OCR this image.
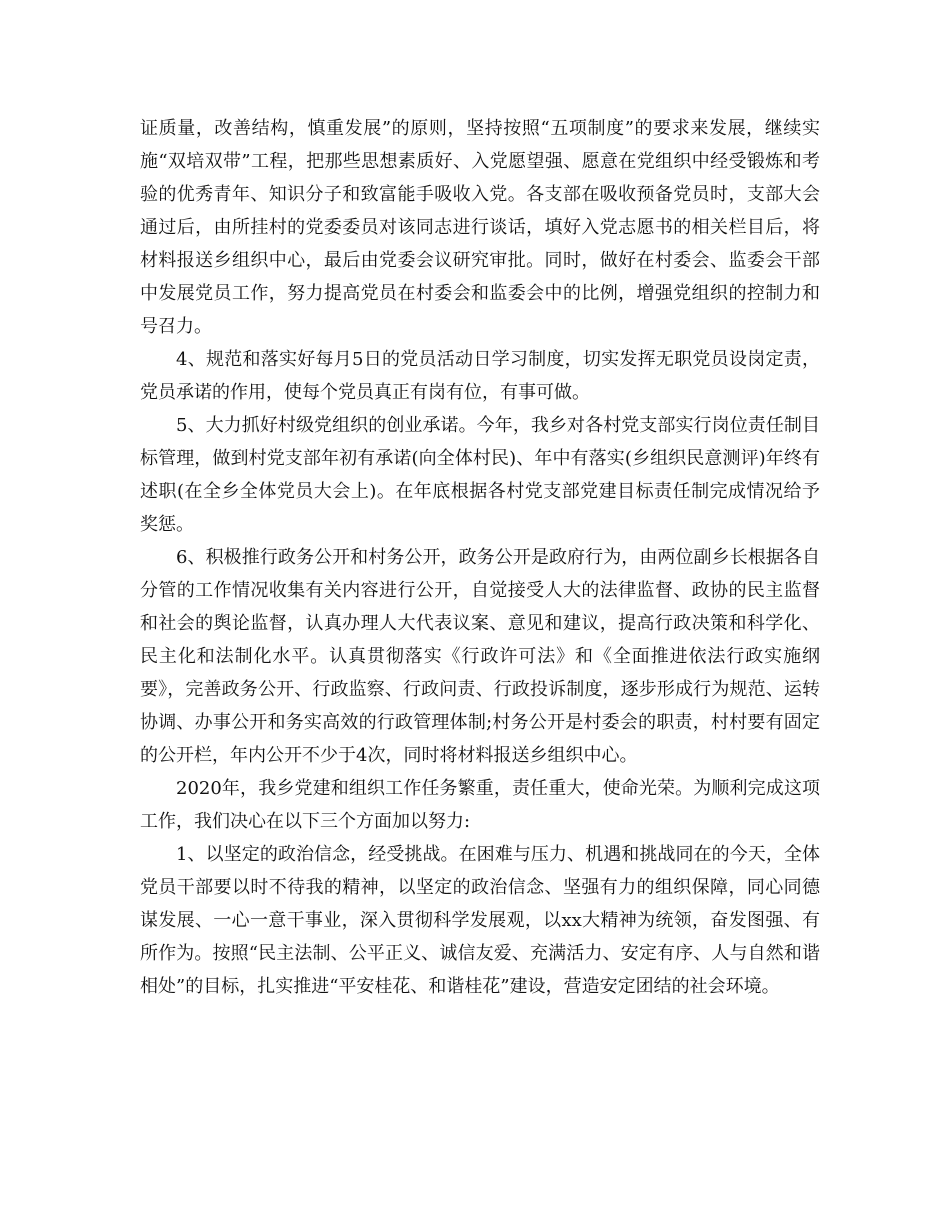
证质量，改善结构，慎重发展”的原则，坚持按照“五项制度”的要求来发展，继续实施“双培双带”工程，把那些思想素质好、入党愿望强、愿意在党组织中经受锻炼和考验的优秀青年、知识分子和致富能手吸收入党。各支部在吸收预备党员时，支部大会通过后，由所挂村的党委委员对该同志进行谈话，填好入党志愿书的相关栏目后，将材料报送乡组织中心，最后由党委会议研究审批。同时，做好在村委会、监委会干部中发展党员工作，努力提高党员在村委会和监委会中的比例，增强党组织的控制力和号召力。

4、规范和落实好每月5日的党员活动日学习制度，切实发挥无职党员设岗定责，党员承诺的作用，使每个党员真正有岗有位，有事可做。

5、大力抓好村级党组织的创业承诺。今年，我乡对各村党支部实行岗位责任制目标管理，做到村党支部年初有承诺(向全体村民)、年中有落实(乡组织民意测评)年终有述职(在全乡全体党员大会上)。在年底根据各村党支部党建目标责任制完成情况给予奖惩。

6、积极推行政务公开和村务公开，政务公开是政府行为，由两位副乡长根据各自分管的工作情况收集有关内容进行公开，自觉接受人大的法律监督、政协的民主监督和社会的舆论监督，认真办理人大代表议案、意见和建议，提高行政决策和科学化、民主化和法制化水平。认真贯彻落实《行政许可法》和《全面推进依法行政实施纲要》，完善政务公开、行政监察、行政问责、行政投诉制度，逐步形成行为规范、运转协调、办事公开和务实高效的行政管理体制;村务公开是村委会的职责，村村要有固定的公开栏，年内公开不少于4次，同时将材料报送乡组织中心。

2020年，我乡党建和组织工作任务繁重，责任重大，使命光荣。为顺利完成这项工作，我们决心在以下三个方面加以努力:

1、以坚定的政治信念，经受挑战。在困难与压力、机遇和挑战同在的今天，全体党员干部要以时不待我的精神，以坚定的政治信念、坚强有力的组织保障，同心同德谋发展、一心一意干事业，深入贯彻科学发展观，以xx大精神为统领，奋发图强、有所作为。按照“民主法制、公平正义、诚信友爱、充满活力、安定有序、人与自然和谐相处”的目标，扎实推进“平安桂花、和谐桂花”建设，营造安定团结的社会环境。
